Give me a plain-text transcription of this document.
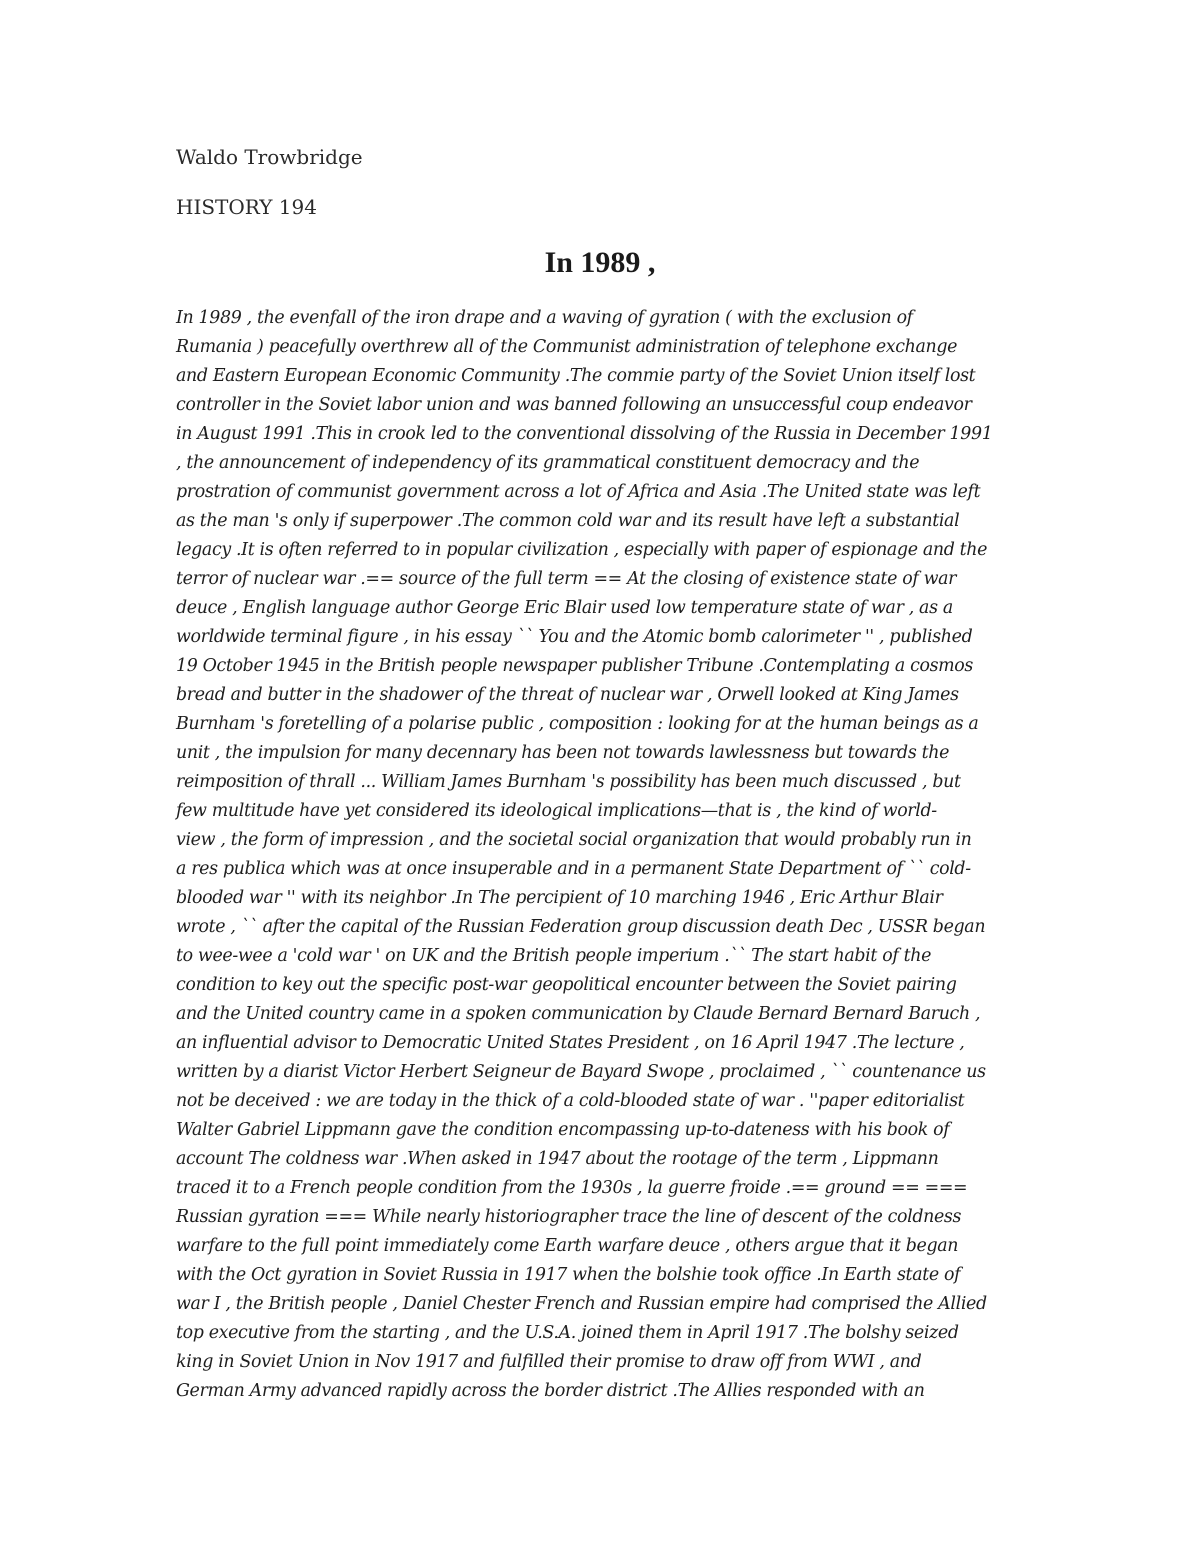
Waldo Trowbridge
HISTORY 194
In 1989 ,
In 1989 , the evenfall of the iron drape and a waving of gyration ( with the exclusion of
Rumania ) peacefully overthrew all of the Communist administration of telephone exchange
and Eastern European Economic Community .The commie party of the Soviet Union itself lost
controller in the Soviet labor union and was banned following an unsuccessful coup endeavor
in August 1991 .This in crook led to the conventional dissolving of the Russia in December 1991
, the announcement of independency of its grammatical constituent democracy and the
prostration of communist government across a lot of Africa and Asia .The United state was left
as the man 's only if superpower .The common cold war and its result have left a substantial
legacy .It is often referred to in popular civilization , especially with paper of espionage and the
terror of nuclear war .== source of the full term == At the closing of existence state of war
deuce , English language author George Eric Blair used low temperature state of war , as a
worldwide terminal figure , in his essay `` You and the Atomic bomb calorimeter '' , published
19 October 1945 in the British people newspaper publisher Tribune .Contemplating a cosmos
bread and butter in the shadower of the threat of nuclear war , Orwell looked at King James
Burnham 's foretelling of a polarise public , composition : looking for at the human beings as a
unit , the impulsion for many decennary has been not towards lawlessness but towards the
reimposition of thrall ... William James Burnham 's possibility has been much discussed , but
few multitude have yet considered its ideological implications—that is , the kind of world-
view , the form of impression , and the societal social organization that would probably run in
a res publica which was at once insuperable and in a permanent State Department of `` cold-
blooded war '' with its neighbor .In The percipient of 10 marching 1946 , Eric Arthur Blair
wrote , `` after the capital of the Russian Federation group discussion death Dec , USSR began
to wee-wee a 'cold war ' on UK and the British people imperium .`` The start habit of the
condition to key out the specific post-war geopolitical encounter between the Soviet pairing
and the United country came in a spoken communication by Claude Bernard Bernard Baruch ,
an influential advisor to Democratic United States President , on 16 April 1947 .The lecture ,
written by a diarist Victor Herbert Seigneur de Bayard Swope , proclaimed , `` countenance us
not be deceived : we are today in the thick of a cold-blooded state of war . ''paper editorialist
Walter Gabriel Lippmann gave the condition encompassing up-to-dateness with his book of
account The coldness war .When asked in 1947 about the rootage of the term , Lippmann
traced it to a French people condition from the 1930s , la guerre froide .== ground == ===
Russian gyration === While nearly historiographer trace the line of descent of the coldness
warfare to the full point immediately come Earth warfare deuce , others argue that it began
with the Oct gyration in Soviet Russia in 1917 when the bolshie took office .In Earth state of
war I , the British people , Daniel Chester French and Russian empire had comprised the Allied
top executive from the starting , and the U.S.A. joined them in April 1917 .The bolshy seized
king in Soviet Union in Nov 1917 and fulfilled their promise to draw off from WWI , and
German Army advanced rapidly across the border district .The Allies responded with an
